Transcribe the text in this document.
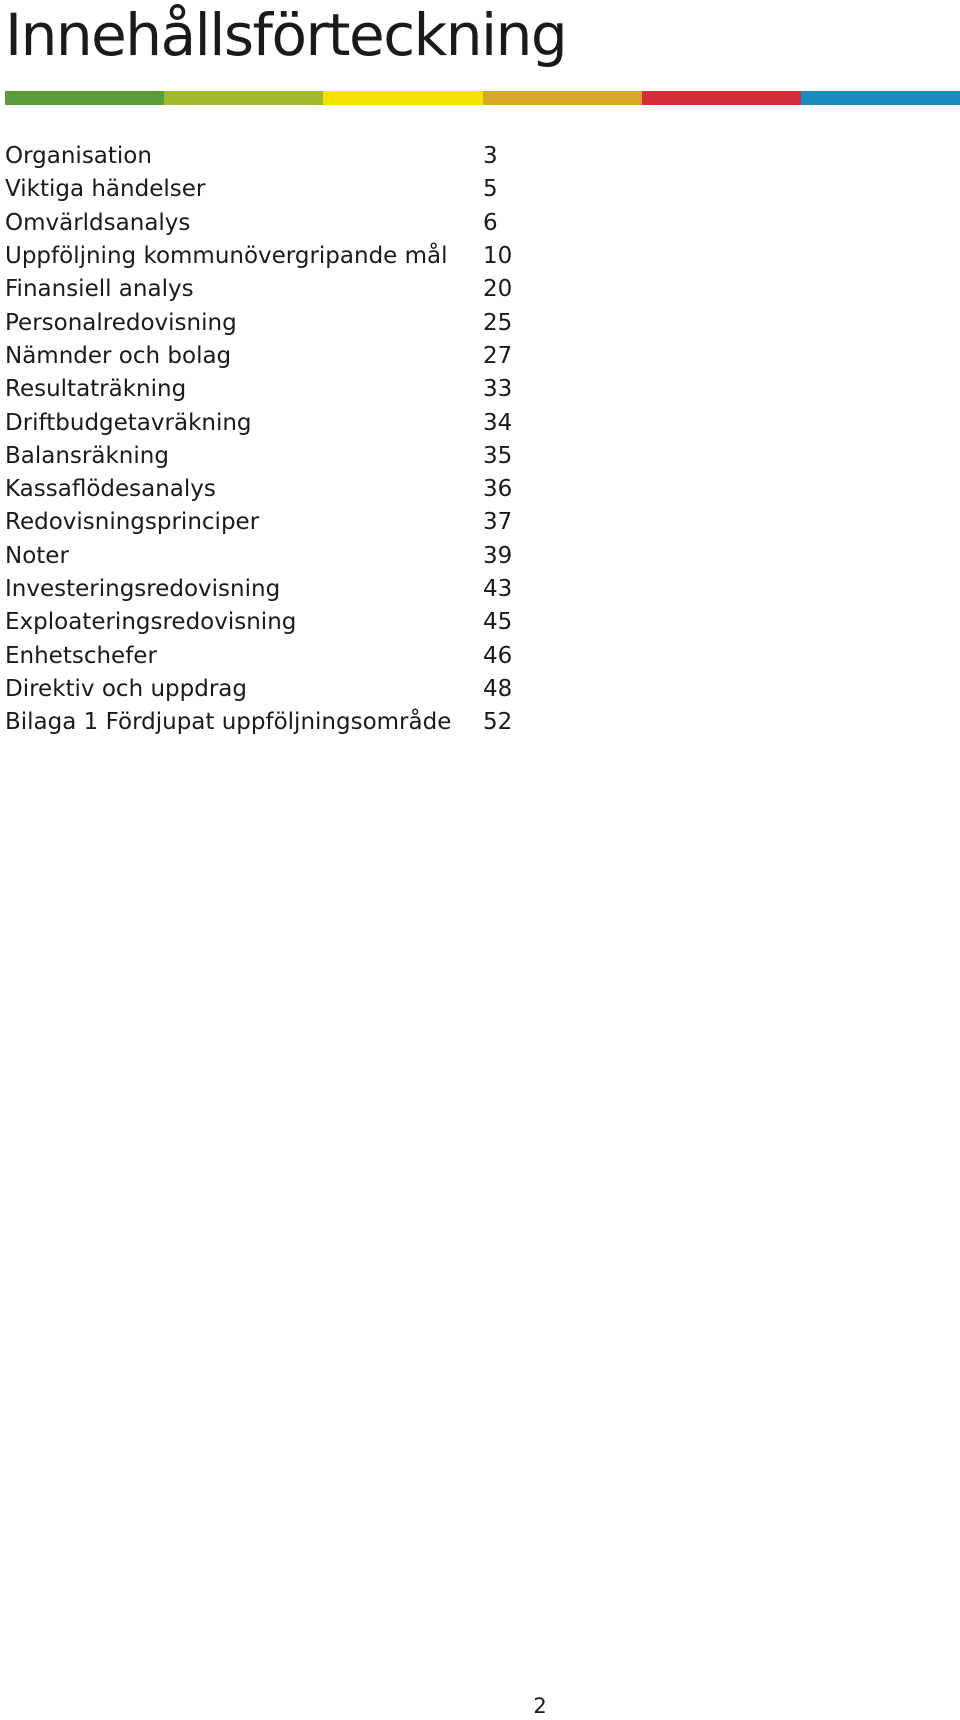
Innehållsförteckning
Organisation	3
Viktiga händelser	5
Omvärldsanalys	6
Uppföljning kommunövergripande mål	10
Finansiell analys	20
Personalredovisning	25
Nämnder och bolag	27
Resultaträkning	33
Driftbudgetavräkning	34
Balansräkning	35
Kassaflödesanalys	36
Redovisningsprinciper	37
Noter	39
Investeringsredovisning	43
Exploateringsredovisning	45
Enhetschefer	46
Direktiv och uppdrag	48
Bilaga 1 Fördjupat uppföljningsområde	52
2
